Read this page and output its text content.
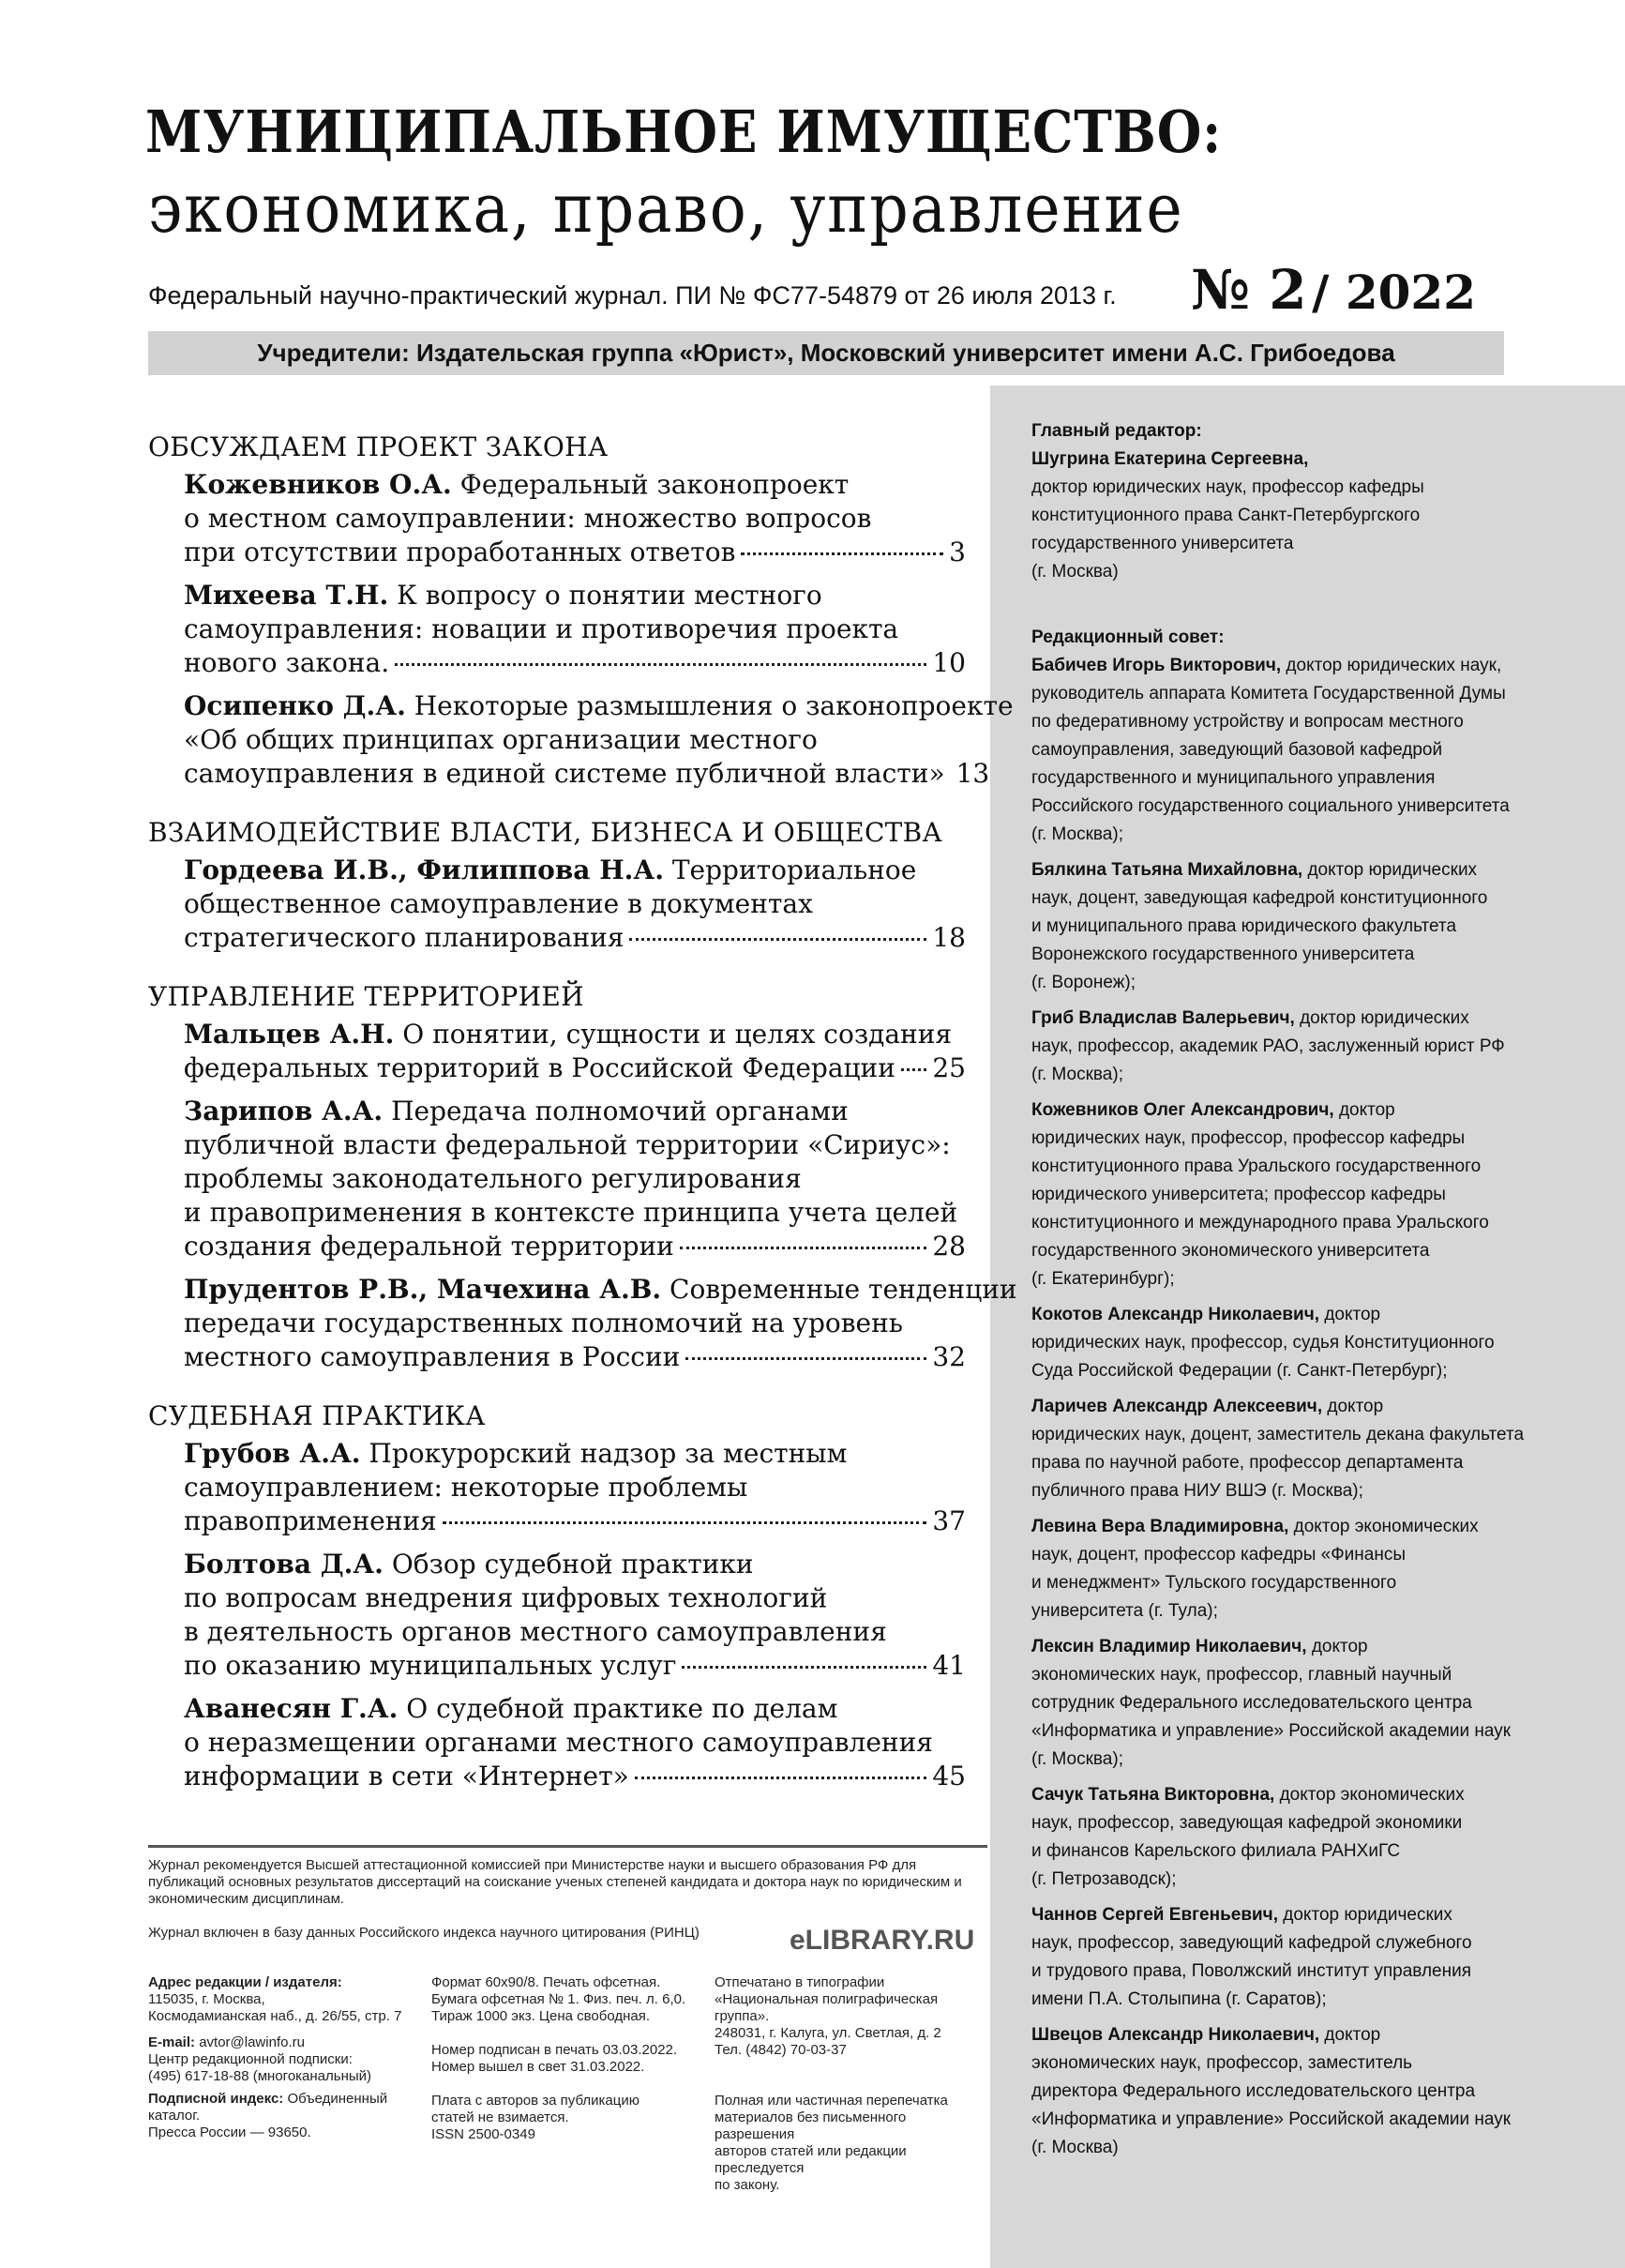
МУНИЦИПАЛЬНОЕ ИМУЩЕСТВО:
экономика, право, управление
Федеральный научно-практический журнал. ПИ № ФС77-54879 от 26 июля 2013 г. № 2 / 2022
Учредители: Издательская группа «Юрист», Московский университет имени А.С. Грибоедова
ОБСУЖДАЕМ ПРОЕКТ ЗАКОНА
Кожевников О.А. Федеральный законопроект
о местном самоуправлении: множество вопросов
при отсутствии проработанных ответов	3
Михеева Т.Н. К вопросу о понятии местного
самоуправления: новации и противоречия проекта
нового закона.	10
Осипенко Д.А. Некоторые размышления о законопроекте
«Об общих принципах организации местного
самоуправления в единой системе публичной власти» 13
ВЗАИМОДЕЙСТВИЕ ВЛАСТИ, БИЗНЕСА И ОБЩЕСТВА
Гордеева И.В., Филиппова Н.А. Территориальное
общественное самоуправление в документах
стратегического планирования	18
УПРАВЛЕНИЕ ТЕРРИТОРИЕЙ
Мальцев А.Н. О понятии, сущности и целях создания
федеральных территорий в Российской Федерации 25
Зарипов А.А. Передача полномочий органами
публичной власти федеральной территории «Сириус»:
проблемы законодательного регулирования
и правоприменения в контексте принципа учета целей
создания федеральной территории	28
Прудентов Р.В., Мачехина А.В. Современные тенденции
передачи государственных полномочий на уровень
местного самоуправления в России	32
СУДЕБНАЯ ПРАКТИКА
Грубов А.А. Прокурорский надзор за местным
самоуправлением: некоторые проблемы
правоприменения	37
Болтова Д.А. Обзор судебной практики
по вопросам внедрения цифровых технологий
в деятельность органов местного самоуправления
по оказанию муниципальных услуг	41
Аванесян Г.А. О судебной практике по делам
о неразмещении органами местного самоуправления
информации в сети «Интернет»	45
Журнал рекомендуется Высшей аттестационной комиссией при Министерстве науки и высшего образования РФ для публикаций основных результатов диссертаций на соискание ученых степеней кандидата и доктора наук по юридическим и экономическим дисциплинам.
Журнал включен в базу данных Российского индекса научного цитирования (РИНЦ)	eLIBRARY.RU
Адрес редакции / издателя:
115035, г. Москва,
Космодамианская наб., д. 26/55, стр. 7
E-mail: avtor@lawinfo.ru
Центр редакционной подписки:
(495) 617-18-88 (многоканальный)
Подписной индекс: Объединенный каталог.
Пресса России — 93650.
Формат 60х90/8. Печать офсетная.
Бумага офсетная № 1. Физ. печ. л. 6,0.
Тираж 1000 экз. Цена свободная.
Номер подписан в печать 03.03.2022.
Номер вышел в свет 31.03.2022.
Плата с авторов за публикацию
статей не взимается.
ISSN 2500-0349
Отпечатано в типографии
«Национальная полиграфическая группа».
248031, г. Калуга, ул. Светлая, д. 2
Тел. (4842) 70-03-37
Полная или частичная перепечатка
материалов без письменного разрешения
авторов статей или редакции преследуется
по закону.
Главный редактор:
Шугрина Екатерина Сергеевна,
доктор юридических наук, профессор кафедры
конституционного права Санкт-Петербургского
государственного университета
(г. Москва)
Редакционный совет:
Бабичев Игорь Викторович, доктор юридических наук,
руководитель аппарата Комитета Государственной Думы
по федеративному устройству и вопросам местного
самоуправления, заведующий базовой кафедрой
государственного и муниципального управления
Российского государственного социального университета
(г. Москва);
Бялкина Татьяна Михайловна, доктор юридических
наук, доцент, заведующая кафедрой конституционного
и муниципального права юридического факультета
Воронежского государственного университета
(г. Воронеж);
Гриб Владислав Валерьевич, доктор юридических
наук, профессор, академик РАО, заслуженный юрист РФ
(г. Москва);
Кожевников Олег Александрович, доктор
юридических наук, профессор, профессор кафедры
конституционного права Уральского государственного
юридического университета; профессор кафедры
конституционного и международного права Уральского
государственного экономического университета
(г. Екатеринбург);
Кокотов Александр Николаевич, доктор
юридических наук, профессор, судья Конституционного
Суда Российской Федерации (г. Санкт-Петербург);
Ларичев Александр Алексеевич, доктор
юридических наук, доцент, заместитель декана факультета
права по научной работе, профессор департамента
публичного права НИУ ВШЭ (г. Москва);
Левина Вера Владимировна, доктор экономических
наук, доцент, профессор кафедры «Финансы
и менеджмент» Тульского государственного
университета (г. Тула);
Лексин Владимир Николаевич, доктор
экономических наук, профессор, главный научный
сотрудник Федерального исследовательского центра
«Информатика и управление» Российской академии наук
(г. Москва);
Сачук Татьяна Викторовна, доктор экономических
наук, профессор, заведующая кафедрой экономики
и финансов Карельского филиала РАНХиГС
(г. Петрозаводск);
Чаннов Сергей Евгеньевич, доктор юридических
наук, профессор, заведующий кафедрой служебного
и трудового права, Поволжский институт управления
имени П.А. Столыпина (г. Саратов);
Швецов Александр Николаевич, доктор
экономических наук, профессор, заместитель
директора Федерального исследовательского центра
«Информатика и управление» Российской академии наук
(г. Москва)
